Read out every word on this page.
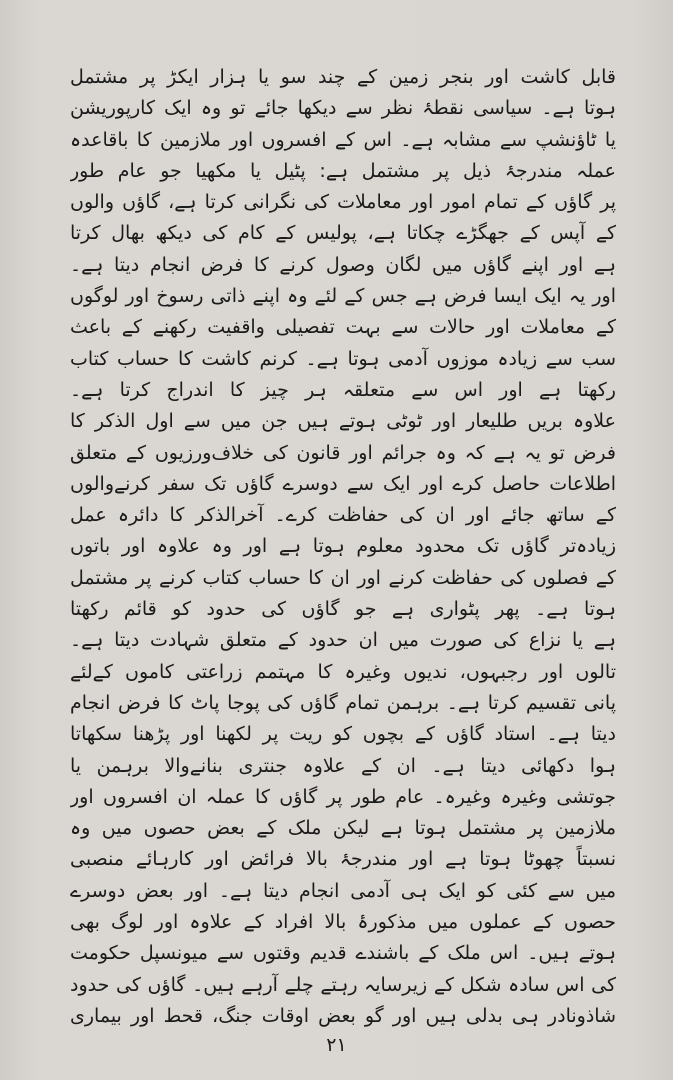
قابل کاشت اور بنجر زمین کے چند سو یا ہزار ایکڑ پر مشتمل
ہوتا ہے۔ سیاسی نقطۂ نظر سے دیکھا جائے تو وہ ایک کارپوریشن
یا ٹاؤنشپ سے مشابہ ہے۔ اس کے افسروں اور ملازمین کا باقاعدہ
عملہ مندرجۂ ذیل پر مشتمل ہے: پٹیل یا مکھیا جو عام طور
پر گاؤں کے تمام امور اور معاملات کی نگرانی کرتا ہے، گاؤں والوں
کے آپس کے جھگڑے چکاتا ہے، پولیس کے کام کی دیکھ بھال کرتا
ہے اور اپنے گاؤں میں لگان وصول کرنے کا فرض انجام دیتا ہے۔
اور یہ ایک ایسا فرض ہے جس کے لئے وہ اپنے ذاتی رسوخ اور لوگوں
کے معاملات اور حالات سے بہت تفصیلی واقفیت رکھنے کے باعث
سب سے زیادہ موزوں آدمی ہوتا ہے۔ کرنم کاشت کا حساب کتاب
رکھتا ہے اور اس سے متعلقہ ہر چیز کا اندراج کرتا ہے۔
علاوہ بریں طلیعار اور ٹوٹی ہوتے ہیں جن میں سے اول الذکر کا
فرض تو یہ ہے کہ وہ جرائم اور قانون کی خلاف‌ورزیوں کے متعلق
اطلاعات حاصل کرے اور ایک سے دوسرے گاؤں تک سفر کرنےوالوں
کے ساتھ جائے اور ان کی حفاظت کرے۔ آخرالذکر کا دائرہ عمل
زیادہ‌تر گاؤں تک محدود معلوم ہوتا ہے اور وہ علاوہ اور باتوں
کے فصلوں کی حفاظت کرنے اور ان کا حساب کتاب کرنے پر مشتمل
ہوتا ہے۔ پھر پٹواری ہے جو گاؤں کی حدود کو قائم رکھتا
ہے یا نزاع کی صورت میں ان حدود کے متعلق شہادت دیتا ہے۔
تالوں اور رجبہوں، ندیوں وغیرہ کا مہتمم زراعتی کاموں کےلئے
پانی تقسیم کرتا ہے۔ برہمن تمام گاؤں کی پوجا پاٹ کا فرض انجام
دیتا ہے۔ استاد گاؤں کے بچوں کو ریت پر لکھنا اور پڑھنا سکھاتا
ہوا دکھائی دیتا ہے۔ ان کے علاوہ جنتری بنانےوالا برہمن یا
جوتشی وغیرہ وغیرہ۔ عام طور پر گاؤں کا عملہ ان افسروں اور
ملازمین پر مشتمل ہوتا ہے لیکن ملک کے بعض حصوں میں وہ
نسبتاً چھوٹا ہوتا ہے اور مندرجۂ بالا فرائض اور کارہائے منصبی
میں سے کئی کو ایک ہی آدمی انجام دیتا ہے۔ اور بعض دوسرے
حصوں کے عملوں میں مذکورۂ بالا افراد کے علاوہ اور لوگ بھی
ہوتے ہیں۔ اس ملک کے باشندے قدیم وقتوں سے میونسپل حکومت
کی اس سادہ شکل کے زیرسایہ رہتے چلے آرہے ہیں۔ گاؤں کی حدود
شاذونادر ہی بدلی ہیں اور گو بعض اوقات جنگ، قحط اور بیماری
۲۱
